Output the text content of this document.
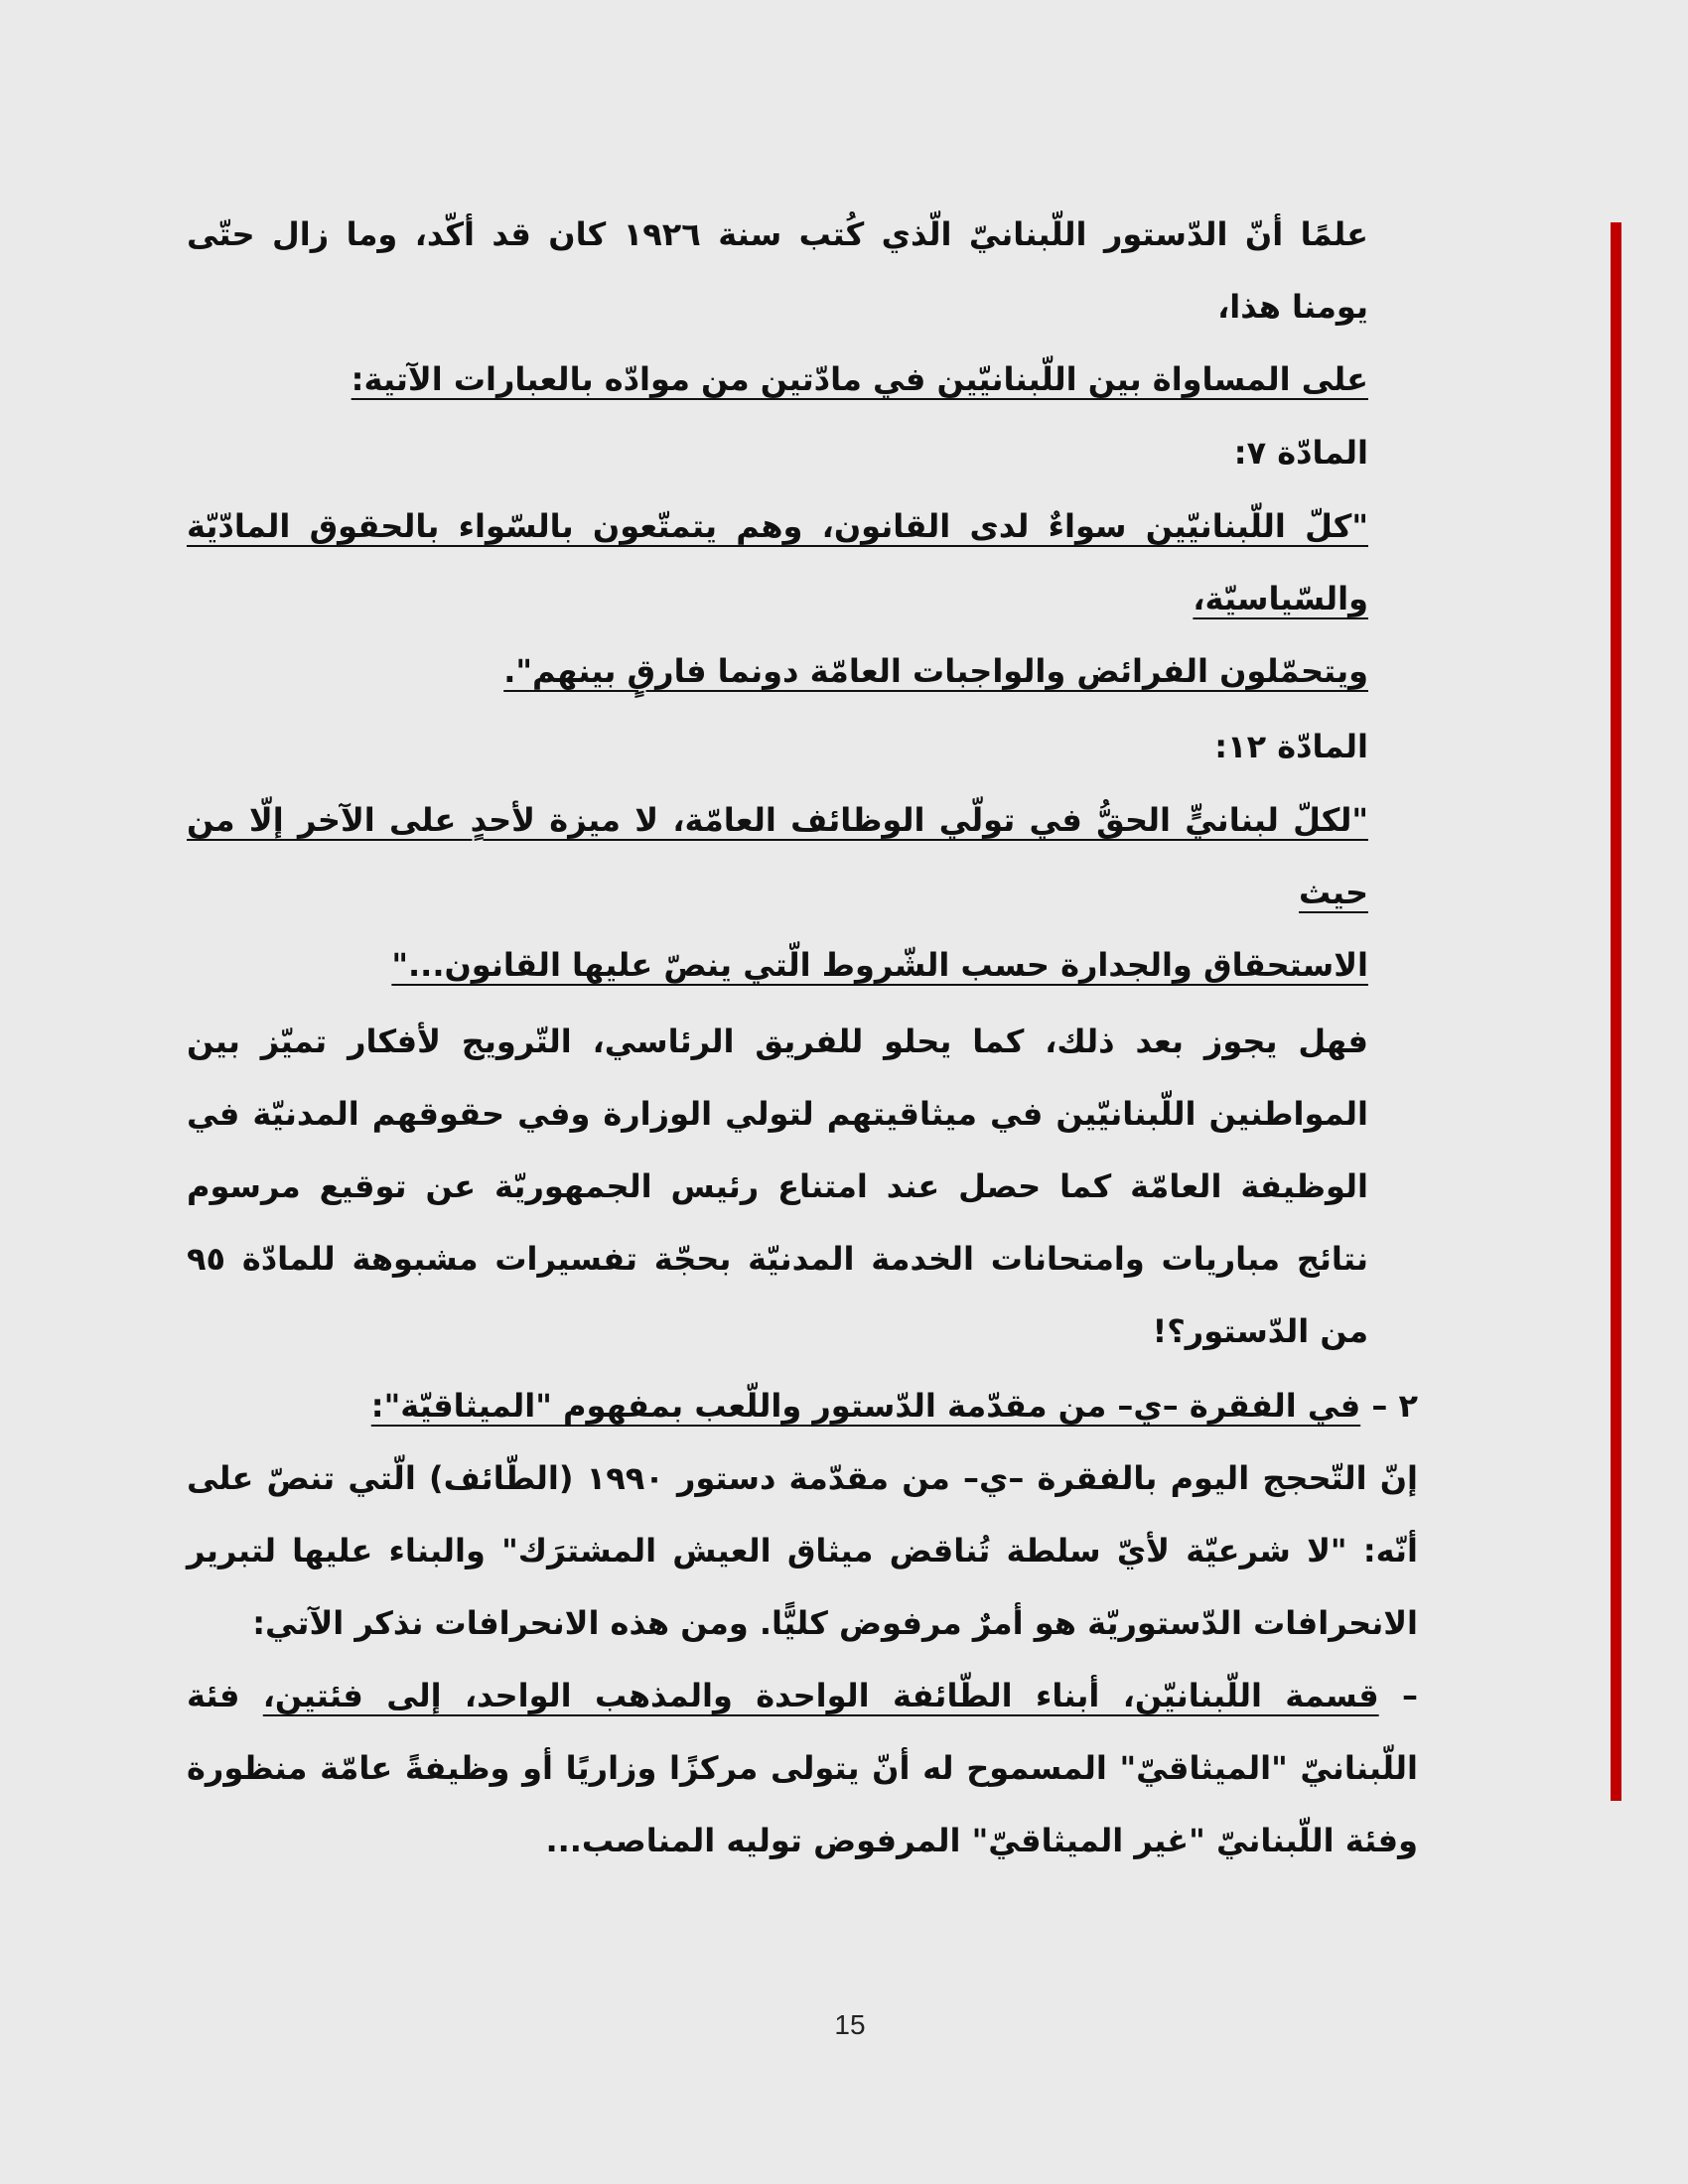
علمًا أنّ الدّستور اللّبنانيّ الّذي كُتب سنة ١٩٢٦ كان قد أكّد، وما زال حتّى يومنا هذا،
على المساواة بين اللّبنانيّين في مادّتين من موادّه بالعبارات الآتية:
المادّة ٧:
"كلّ اللّبنانيّين سواءٌ لدى القانون، وهم يتمتّعون بالسّواء بالحقوق المادّيّة والسّياسيّة،
ويتحمّلون الفرائض والواجبات العامّة دونما فارقٍ بينهم".
المادّة ١٢:
"لكلّ لبنانيٍّ الحقُّ في تولّي الوظائف العامّة، لا ميزة لأحدٍ على الآخر إلّا من حيث
الاستحقاق والجدارة حسب الشّروط الّتي ينصّ عليها القانون..."
فهل يجوز بعد ذلك، كما يحلو للفريق الرئاسي، التّرويج لأفكار تميّز بين المواطنين اللّبنانيّين في ميثاقيتهم لتولي الوزارة وفي حقوقهم المدنيّة في الوظيفة العامّة كما حصل عند امتناع رئيس الجمهوريّة عن توقيع مرسوم نتائج مباريات وامتحانات الخدمة المدنيّة بحجّة تفسيرات مشبوهة للمادّة ٩٥ من الدّستور؟!
٢ – في الفقرة –ي– من مقدّمة الدّستور واللّعب بمفهوم "الميثاقيّة":
إنّ التّحجج اليوم بالفقرة –ي– من مقدّمة دستور ١٩٩٠ (الطّائف) الّتي تنصّ على أنّه: "لا شرعيّة لأيّ سلطة تُناقض ميثاق العيش المشترَك" والبناء عليها لتبرير الانحرافات الدّستوريّة هو أمرٌ مرفوض كليًّا. ومن هذه الانحرافات نذكر الآتي:
– قسمة اللّبنانيّن، أبناء الطّائفة الواحدة والمذهب الواحد، إلى فئتين، فئة اللّبنانيّ "الميثاقيّ" المسموح له أنّ يتولى مركزًا وزاريًا أو وظيفةً عامّة منظورة وفئة اللّبنانيّ "غير الميثاقيّ" المرفوض توليه المناصب...
15
